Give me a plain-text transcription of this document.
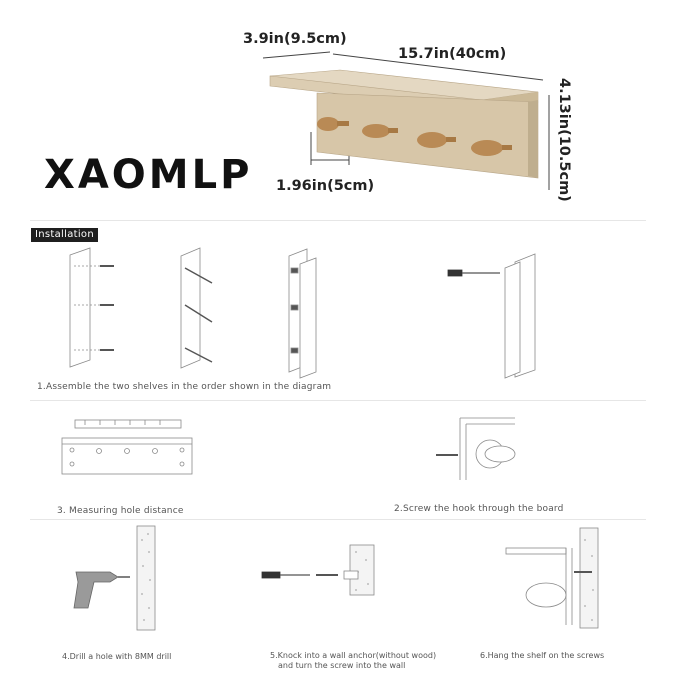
XAOMLP
3.9in(9.5cm)
15.7in(40cm)
4.13in(10.5cm)
1.96in(5cm)
Installation
1.Assemble the two shelves in the order shown in the diagram
3. Measuring hole distance	2.Screw the hook through the board
4.Drill a hole with 8MM drill	5.Knock into a wall anchor(without wood)
and turn the screw into the wall
6.Hang the shelf on the screws
